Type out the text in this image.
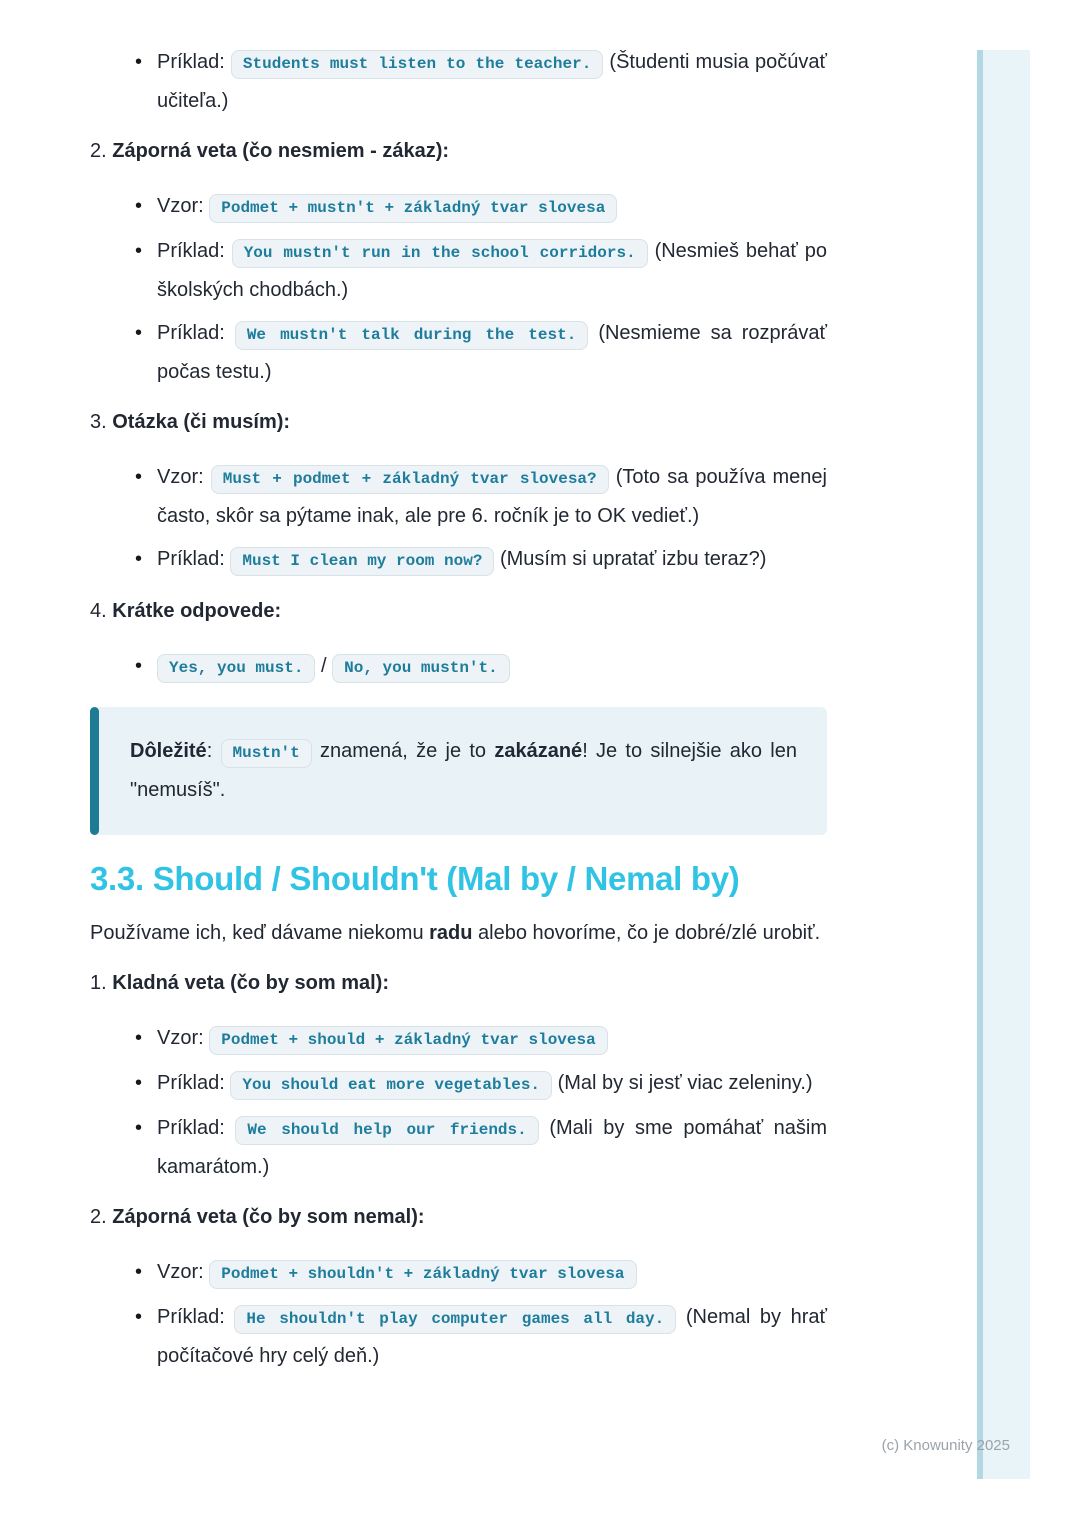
(c) Knowunity 2025
• Príklad: Students must listen to the teacher. (Študenti musia počúvať učiteľa.)
2. Záporná veta (čo nesmiem - zákaz):
• Vzor: Podmet + mustn't + základný tvar slovesa
• Príklad: You mustn't run in the school corridors. (Nesmieš behať po školských chodbách.)
• Príklad: We mustn't talk during the test. (Nesmieme sa rozprávať počas testu.)
3. Otázka (či musím):
• Vzor: Must + podmet + základný tvar slovesa? (Toto sa používa menej často, skôr sa pýtame inak, ale pre 6. ročník je to OK vedieť.)
• Príklad: Must I clean my room now? (Musím si upratať izbu teraz?)
4. Krátke odpovede:
• Yes, you must. / No, you mustn't.
Dôležité: Mustn't znamená, že je to zakázané! Je to silnejšie ako len "nemusíš".
3.3. Should / Shouldn't (Mal by / Nemal by)

Používame ich, keď dávame niekomu radu alebo hovoríme, čo je dobré/zlé urobiť.

1. Kladná veta (čo by som mal):
• Vzor: Podmet + should + základný tvar slovesa
• Príklad: You should eat more vegetables. (Mal by si jesť viac zeleniny.)
• Príklad: We should help our friends. (Mali by sme pomáhať našim kamarátom.)
2. Záporná veta (čo by som nemal):
• Vzor: Podmet + shouldn't + základný tvar slovesa
• Príklad: He shouldn't play computer games all day. (Nemal by hrať počítačové hry celý deň.)
